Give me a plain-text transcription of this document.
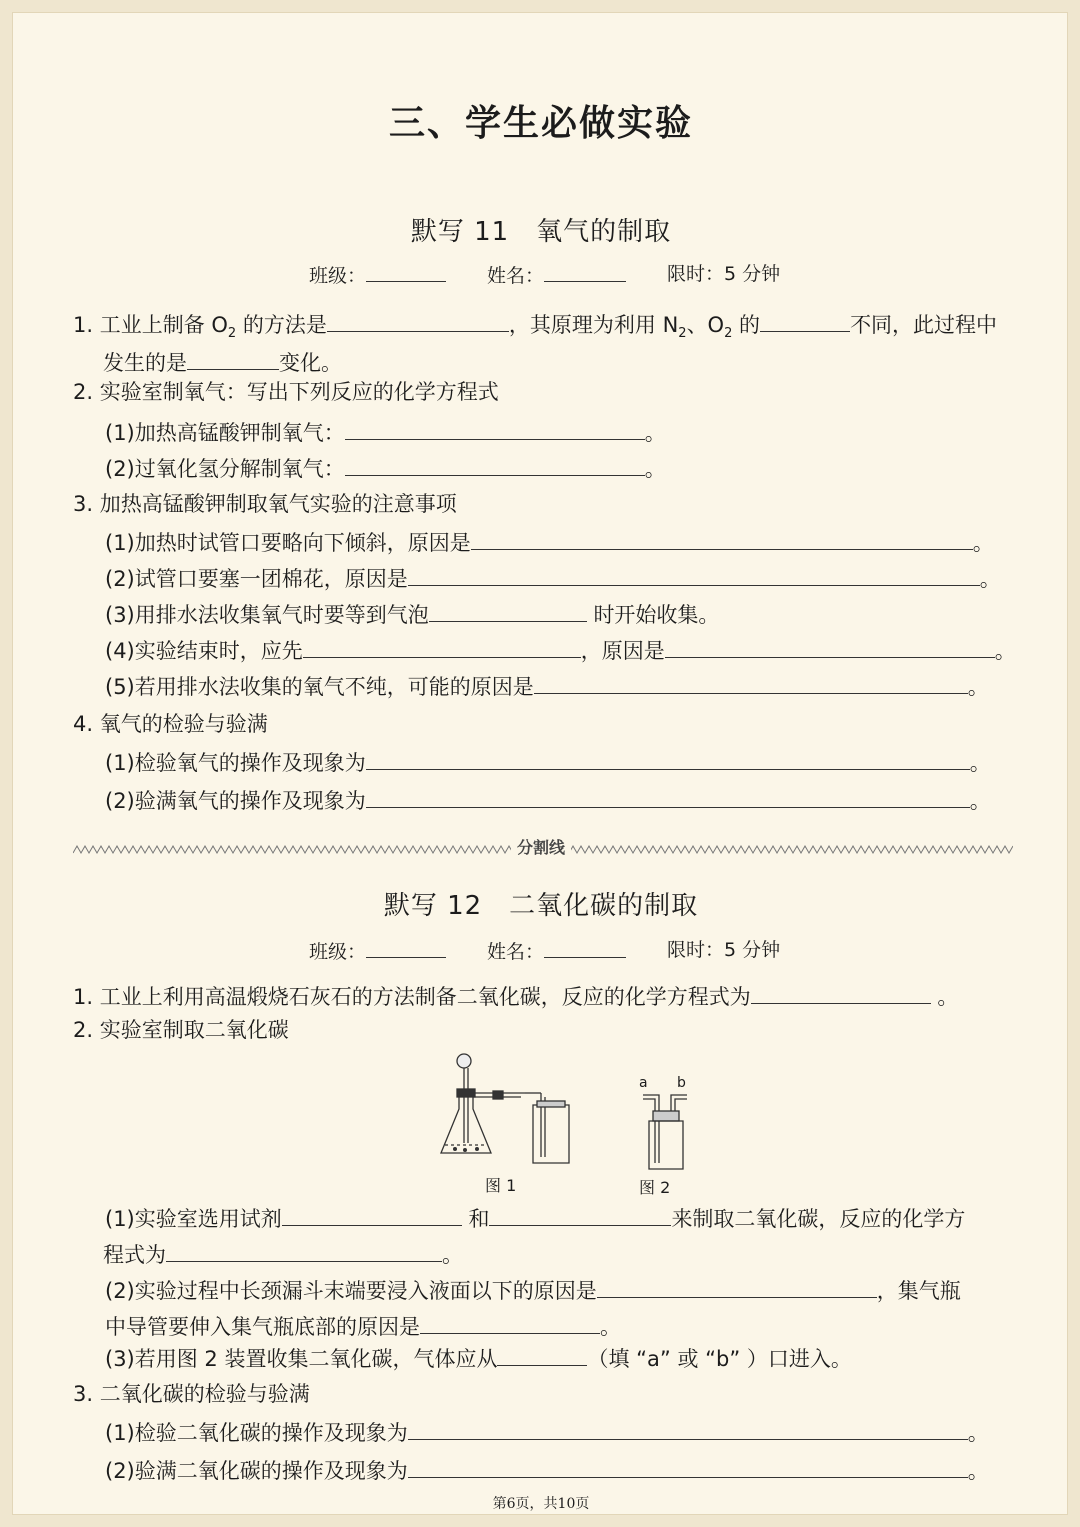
三、学生必做实验
默写 11　氧气的制取
班级：	姓名：	限时：5 分钟
1. 工业上制备 $O_2$ 的方法是	，其原理为利用 $N_2$、$O_2$ 的	不同，此过程中
发生的是	变化。
2. 实验室制氧气：写出下列反应的化学方程式
(1)加热高锰酸钾制氧气：	。
(2)过氧化氢分解制氧气：	。
3. 加热高锰酸钾制取氧气实验的注意事项
(1)加热时试管口要略向下倾斜，原因是	。
(2)试管口要塞一团棉花，原因是	。
(3)用排水法收集氧气时要等到气泡	时开始收集。
(4)实验结束时，应先	，原因是	。
(5)若用排水法收集的氧气不纯，可能的原因是	。
4. 氧气的检验与验满
(1)检验氧气的操作及现象为	。
(2)验满氧气的操作及现象为	。
分割线
默写 12　二氧化碳的制取
班级：	姓名：	限时：5 分钟
1. 工业上利用高温煅烧石灰石的方法制备二氧化碳，反应的化学方程式为	。
2. 实验室制取二氧化碳
图 1
a b
图 2
(1)实验室选用试剂	和	来制取二氧化碳，反应的化学方
程式为	。
(2)实验过程中长颈漏斗末端要浸入液面以下的原因是	，集气瓶
中导管要伸入集气瓶底部的原因是	。
(3)若用图 2 装置收集二氧化碳，气体应从	（填 “a” 或 “b” ）口进入。
3. 二氧化碳的检验与验满
(1)检验二氧化碳的操作及现象为	。
(2)验满二氧化碳的操作及现象为	。
第6页，共10页
